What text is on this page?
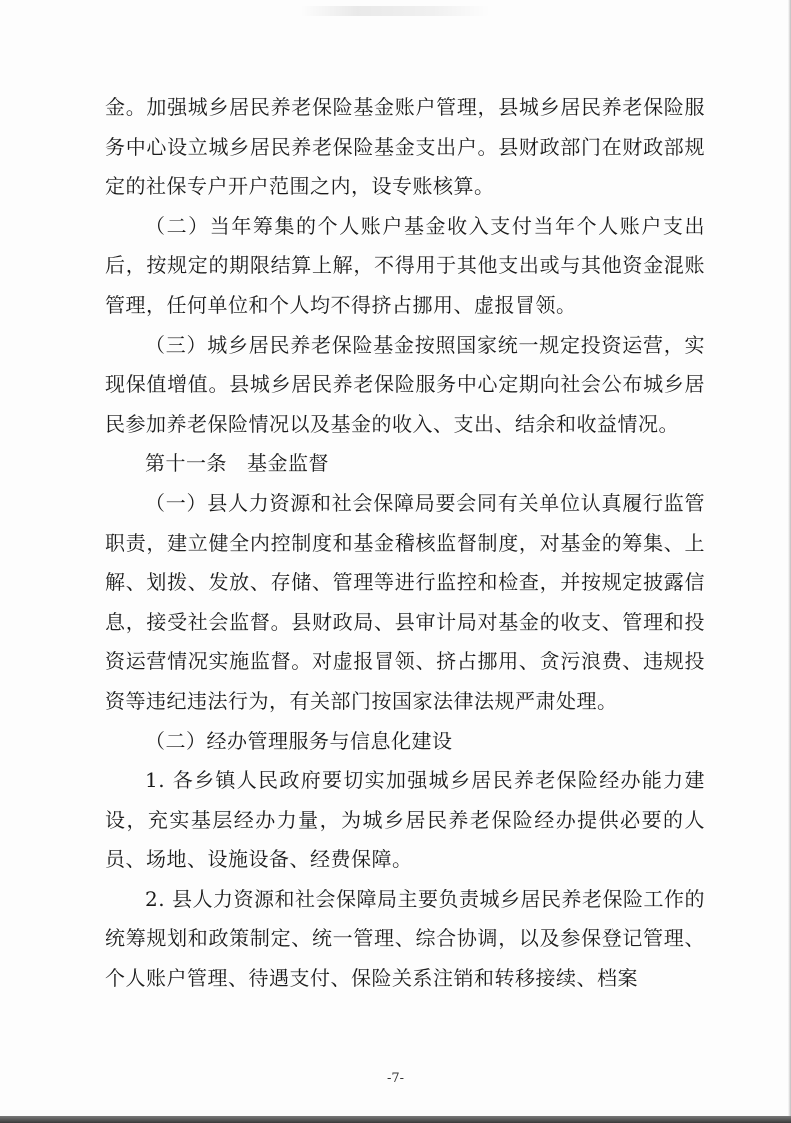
金。加强城乡居民养老保险基金账户管理，县城乡居民养老保险服务中心设立城乡居民养老保险基金支出户。县财政部门在财政部规定的社保专户开户范围之内，设专账核算。

（二）当年筹集的个人账户基金收入支付当年个人账户支出后，按规定的期限结算上解，不得用于其他支出或与其他资金混账管理，任何单位和个人均不得挤占挪用、虚报冒领。

（三）城乡居民养老保险基金按照国家统一规定投资运营，实现保值增值。县城乡居民养老保险服务中心定期向社会公布城乡居民参加养老保险情况以及基金的收入、支出、结余和收益情况。

第十一条 基金监督

（一）县人力资源和社会保障局要会同有关单位认真履行监管职责，建立健全内控制度和基金稽核监督制度，对基金的筹集、上解、划拨、发放、存储、管理等进行监控和检查，并按规定披露信息，接受社会监督。县财政局、县审计局对基金的收支、管理和投资运营情况实施监督。对虚报冒领、挤占挪用、贪污浪费、违规投资等违纪违法行为，有关部门按国家法律法规严肃处理。

（二）经办管理服务与信息化建设

1. 各乡镇人民政府要切实加强城乡居民养老保险经办能力建设，充实基层经办力量，为城乡居民养老保险经办提供必要的人员、场地、设施设备、经费保障。

2. 县人力资源和社会保障局主要负责城乡居民养老保险工作的统筹规划和政策制定、统一管理、综合协调，以及参保登记管理、个人账户管理、待遇支付、保险关系注销和转移接续、档案

-7-
